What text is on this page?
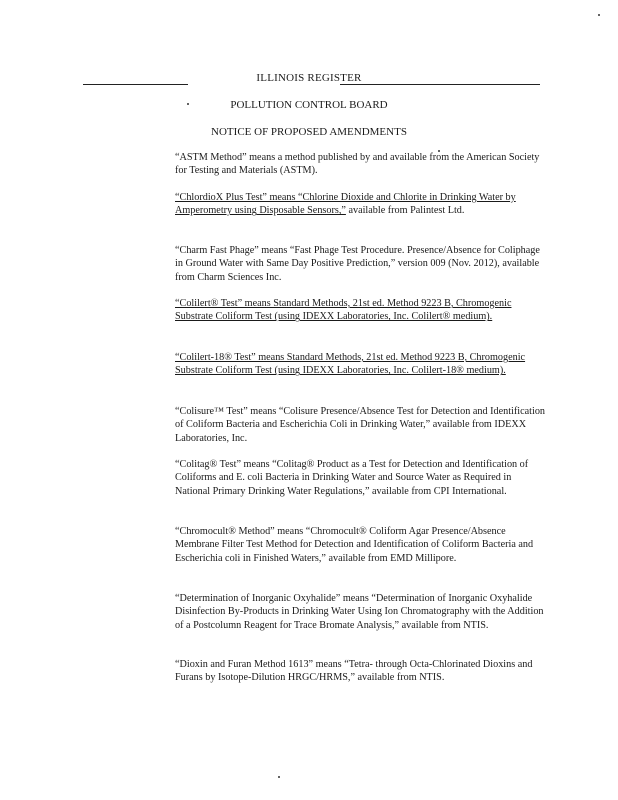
ILLINOIS REGISTER
POLLUTION CONTROL BOARD
NOTICE OF PROPOSED AMENDMENTS
“ASTM Method” means a method published by and available from the American Society for Testing and Materials (ASTM).
“ChlordioX Plus Test” means “Chlorine Dioxide and Chlorite in Drinking Water by Amperometry using Disposable Sensors,” available from Palintest Ltd.
“Charm Fast Phage” means “Fast Phage Test Procedure. Presence/Absence for Coliphage in Ground Water with Same Day Positive Prediction,” version 009 (Nov. 2012), available from Charm Sciences Inc.
“Colilert® Test” means Standard Methods, 21st ed. Method 9223 B, Chromogenic Substrate Coliform Test (using IDEXX Laboratories, Inc. Colilert® medium).
“Colilert-18® Test” means Standard Methods, 21st ed. Method 9223 B, Chromogenic Substrate Coliform Test (using IDEXX Laboratories, Inc. Colilert-18® medium).
“Colisure™ Test” means “Colisure Presence/Absence Test for Detection and Identification of Coliform Bacteria and Escherichia Coli in Drinking Water,” available from IDEXX Laboratories, Inc.
“Colitag® Test” means “Colitag® Product as a Test for Detection and Identification of Coliforms and E. coli Bacteria in Drinking Water and Source Water as Required in National Primary Drinking Water Regulations,” available from CPI International.
“Chromocult® Method” means “Chromocult® Coliform Agar Presence/Absence Membrane Filter Test Method for Detection and Identification of Coliform Bacteria and Escherichia coli in Finished Waters,” available from EMD Millipore.
“Determination of Inorganic Oxyhalide” means “Determination of Inorganic Oxyhalide Disinfection By-Products in Drinking Water Using Ion Chromatography with the Addition of a Postcolumn Reagent for Trace Bromate Analysis,” available from NTIS.
“Dioxin and Furan Method 1613” means “Tetra- through Octa-Chlorinated Dioxins and Furans by Isotope-Dilution HRGC/HRMS,” available from NTIS.
